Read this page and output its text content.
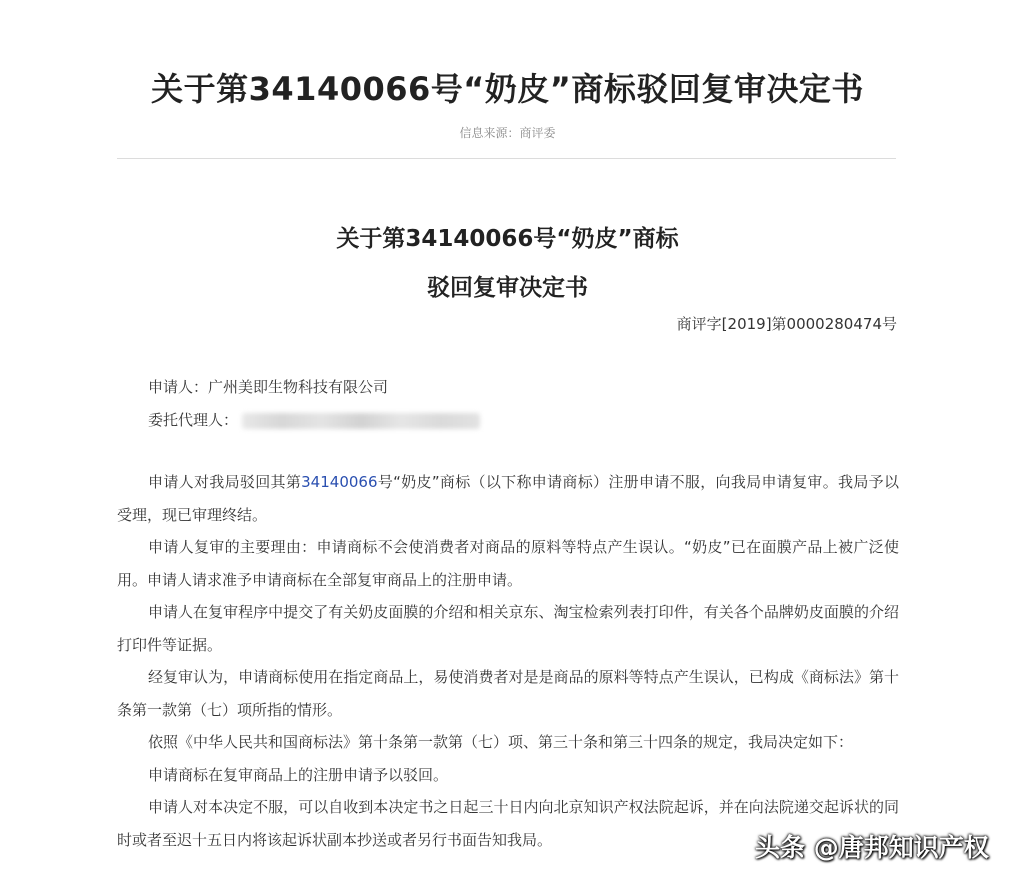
关于第34140066号“奶皮”商标驳回复审决定书
信息来源：商评委
关于第34140066号“奶皮”商标
驳回复审决定书
商评字[2019]第0000280474号
申请人：广州美即生物科技有限公司
委托代理人：

申请人对我局驳回其第34140066号“奶皮”商标（以下称申请商标）注册申请不服，向我局申请复审。我局予以受理，现已审理终结。

申请人复审的主要理由：申请商标不会使消费者对商品的原料等特点产生误认。“奶皮”已在面膜产品上被广泛使用。申请人请求准予申请商标在全部复审商品上的注册申请。

申请人在复审程序中提交了有关奶皮面膜的介绍和相关京东、淘宝检索列表打印件，有关各个品牌奶皮面膜的介绍打印件等证据。

经复审认为，申请商标使用在指定商品上，易使消费者对是是商品的原料等特点产生误认，已构成《商标法》第十条第一款第（七）项所指的情形。

依照《中华人民共和国商标法》第十条第一款第（七）项、第三十条和第三十四条的规定，我局决定如下：

申请商标在复审商品上的注册申请予以驳回。

申请人对本决定不服，可以自收到本决定书之日起三十日内向北京知识产权法院起诉，并在向法院递交起诉状的同时或者至迟十五日内将该起诉状副本抄送或者另行书面告知我局。	头条 @唐邦知识产权
